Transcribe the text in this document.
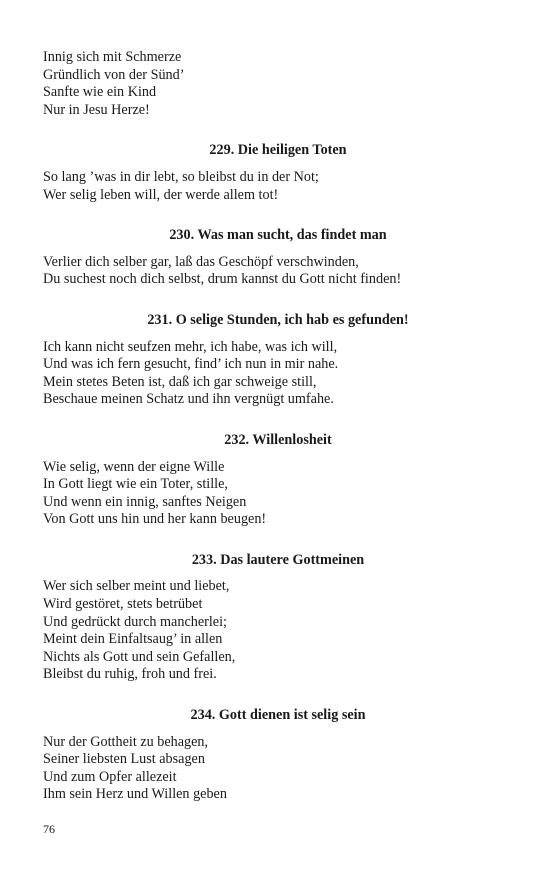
Innig sich mit Schmerze
Gründlich von der Sünd’
Sanfte wie ein Kind
Nur in Jesu Herze!
229. Die heiligen Toten
So lang ’was in dir lebt, so bleibst du in der Not;
Wer selig leben will, der werde allem tot!
230. Was man sucht, das findet man
Verlier dich selber gar, laß das Geschöpf verschwinden,
Du suchest noch dich selbst, drum kannst du Gott nicht finden!
231. O selige Stunden, ich hab es gefunden!
Ich kann nicht seufzen mehr, ich habe, was ich will,
Und was ich fern gesucht, find’ ich nun in mir nahe.
Mein stetes Beten ist, daß ich gar schweige still,
Beschaue meinen Schatz und ihn vergnügt umfahe.
232. Willenlosheit
Wie selig, wenn der eigne Wille
In Gott liegt wie ein Toter, stille,
Und wenn ein innig, sanftes Neigen
Von Gott uns hin und her kann beugen!
233. Das lautere Gottmeinen
Wer sich selber meint und liebet,
Wird gestöret, stets betrübet
Und gedrückt durch mancherlei;
Meint dein Einfaltsaug’ in allen
Nichts als Gott und sein Gefallen,
Bleibst du ruhig, froh und frei.
234. Gott dienen ist selig sein
Nur der Gottheit zu behagen,
Seiner liebsten Lust absagen
Und zum Opfer allezeit
Ihm sein Herz und Willen geben
76
